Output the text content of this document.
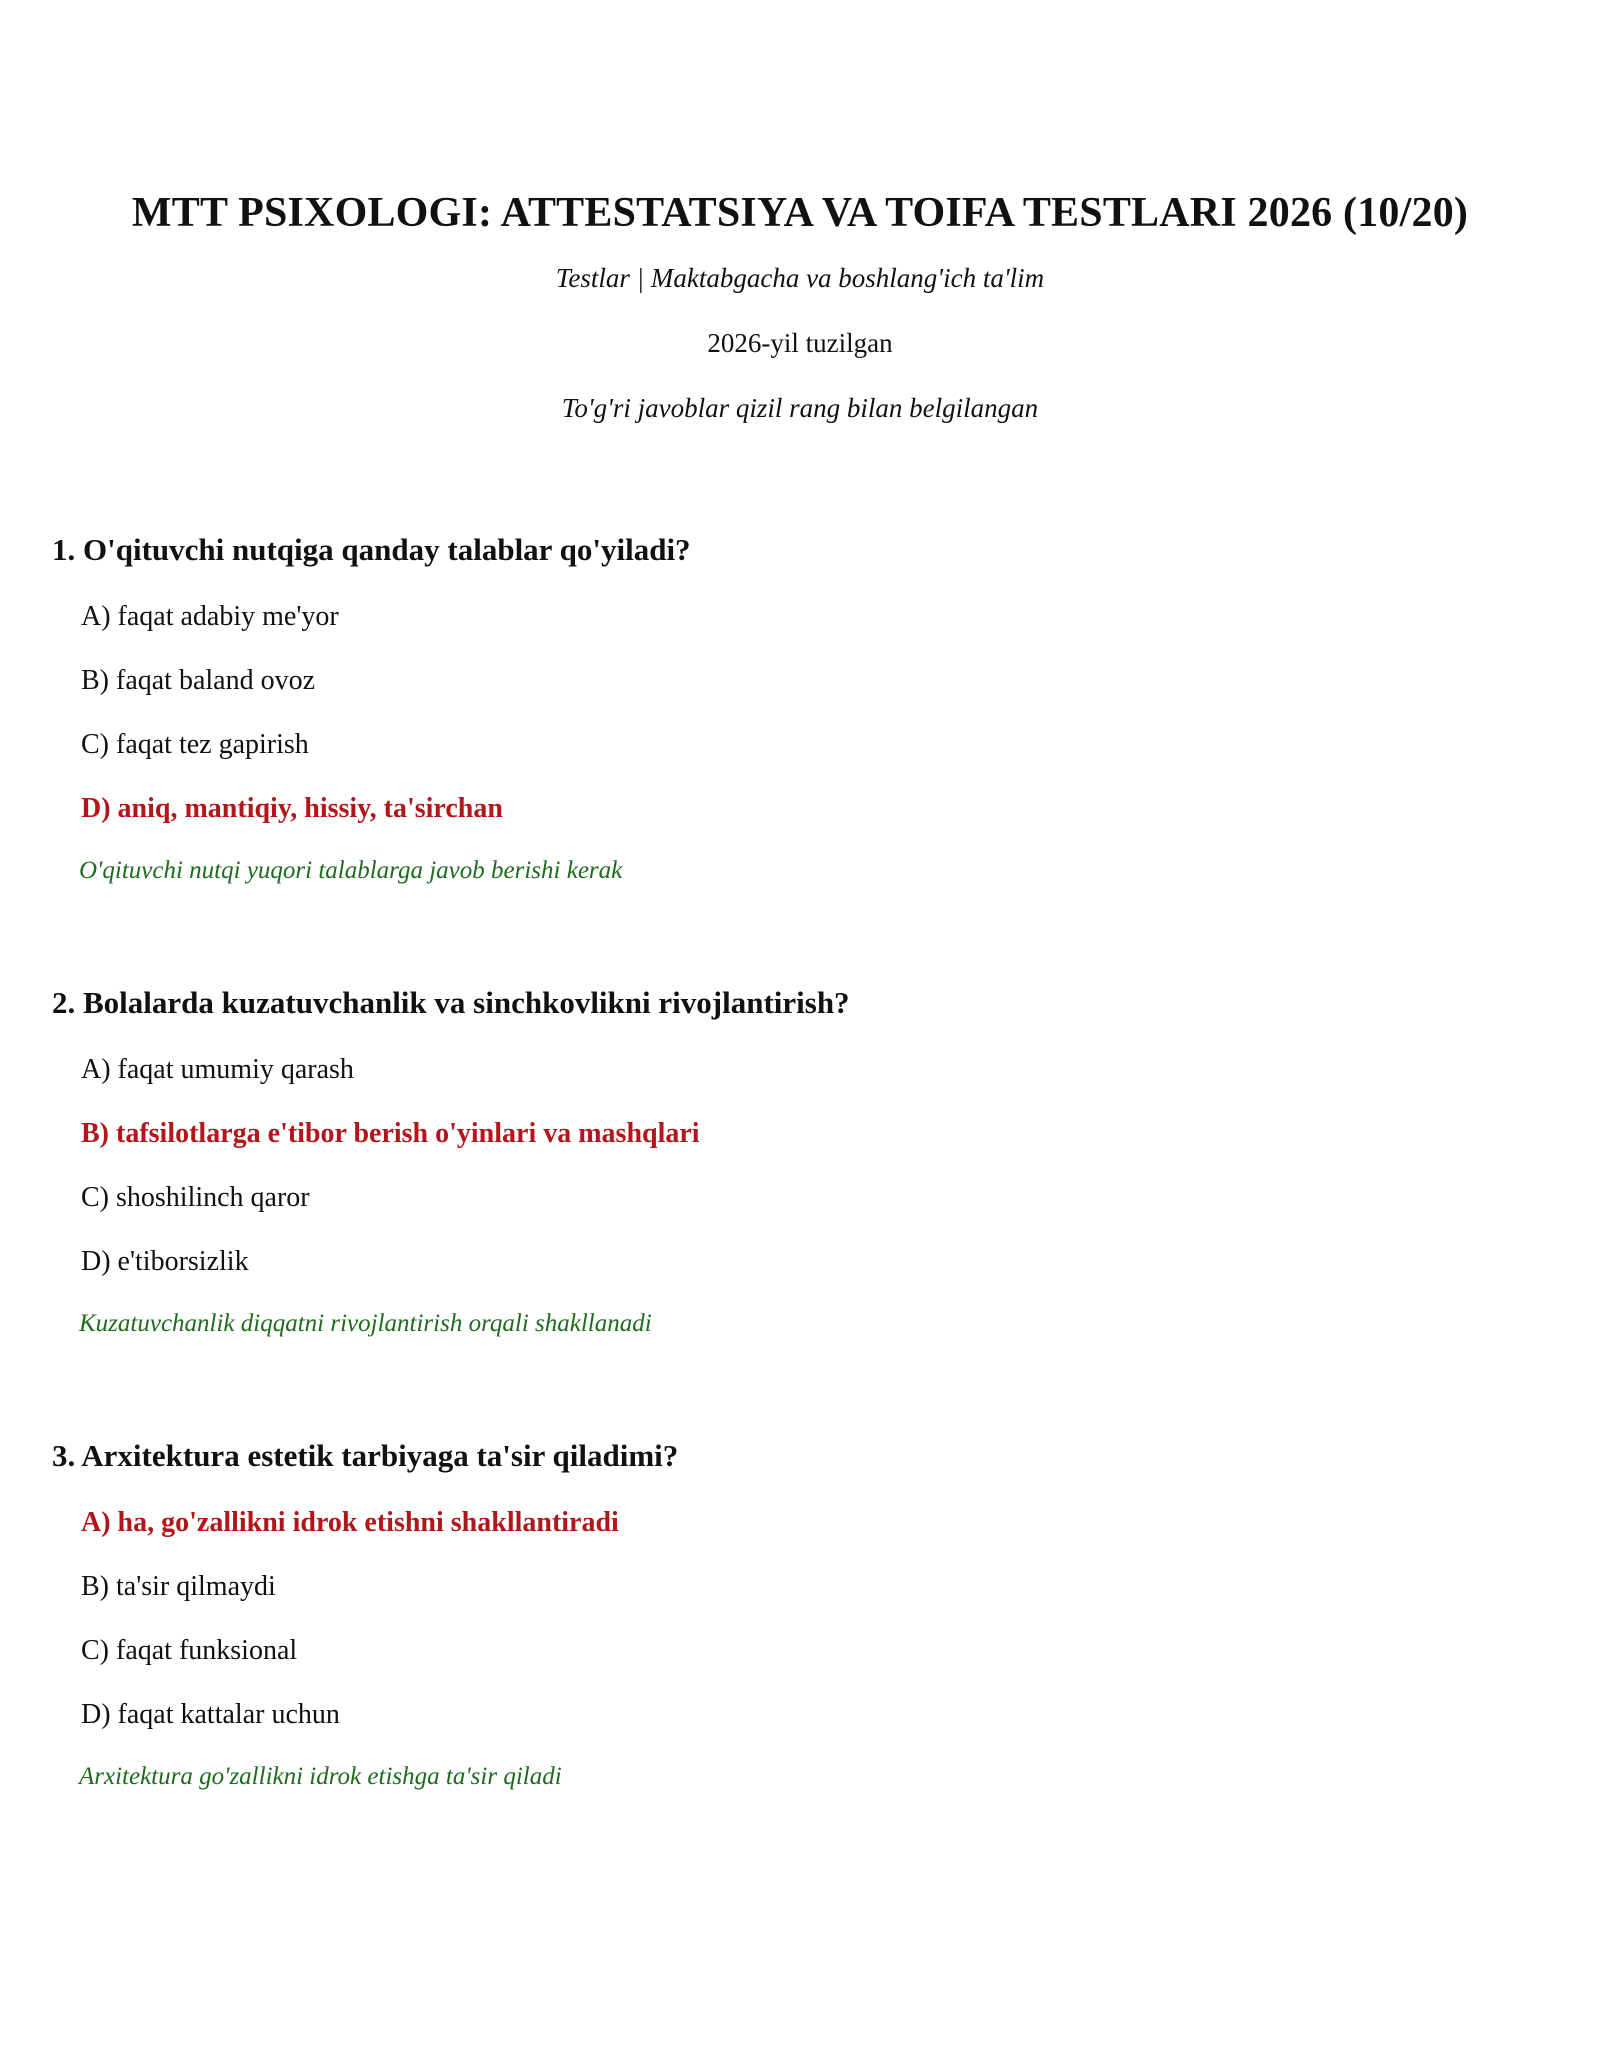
MTT PSIXOLOGI: ATTESTATSIYA VA TOIFA TESTLARI 2026 (10/20)

Testlar | Maktabgacha va boshlang'ich ta'lim

2026-yil tuzilgan

To'g'ri javoblar qizil rang bilan belgilangan

1. O'qituvchi nutqiga qanday talablar qo'yiladi?

A) faqat adabiy me'yor
B) faqat baland ovoz
C) faqat tez gapirish
D) aniq, mantiqiy, hissiy, ta'sirchan
O'qituvchi nutqi yuqori talablarga javob berishi kerak

2. Bolalarda kuzatuvchanlik va sinchkovlikni rivojlantirish?

A) faqat umumiy qarash
B) tafsilotlarga e'tibor berish o'yinlari va mashqlari
C) shoshilinch qaror
D) e'tiborsizlik
Kuzatuvchanlik diqqatni rivojlantirish orqali shakllanadi

3. Arxitektura estetik tarbiyaga ta'sir qiladimi?

A) ha, go'zallikni idrok etishni shakllantiradi
B) ta'sir qilmaydi
C) faqat funksional
D) faqat kattalar uchun
Arxitektura go'zallikni idrok etishga ta'sir qiladi
